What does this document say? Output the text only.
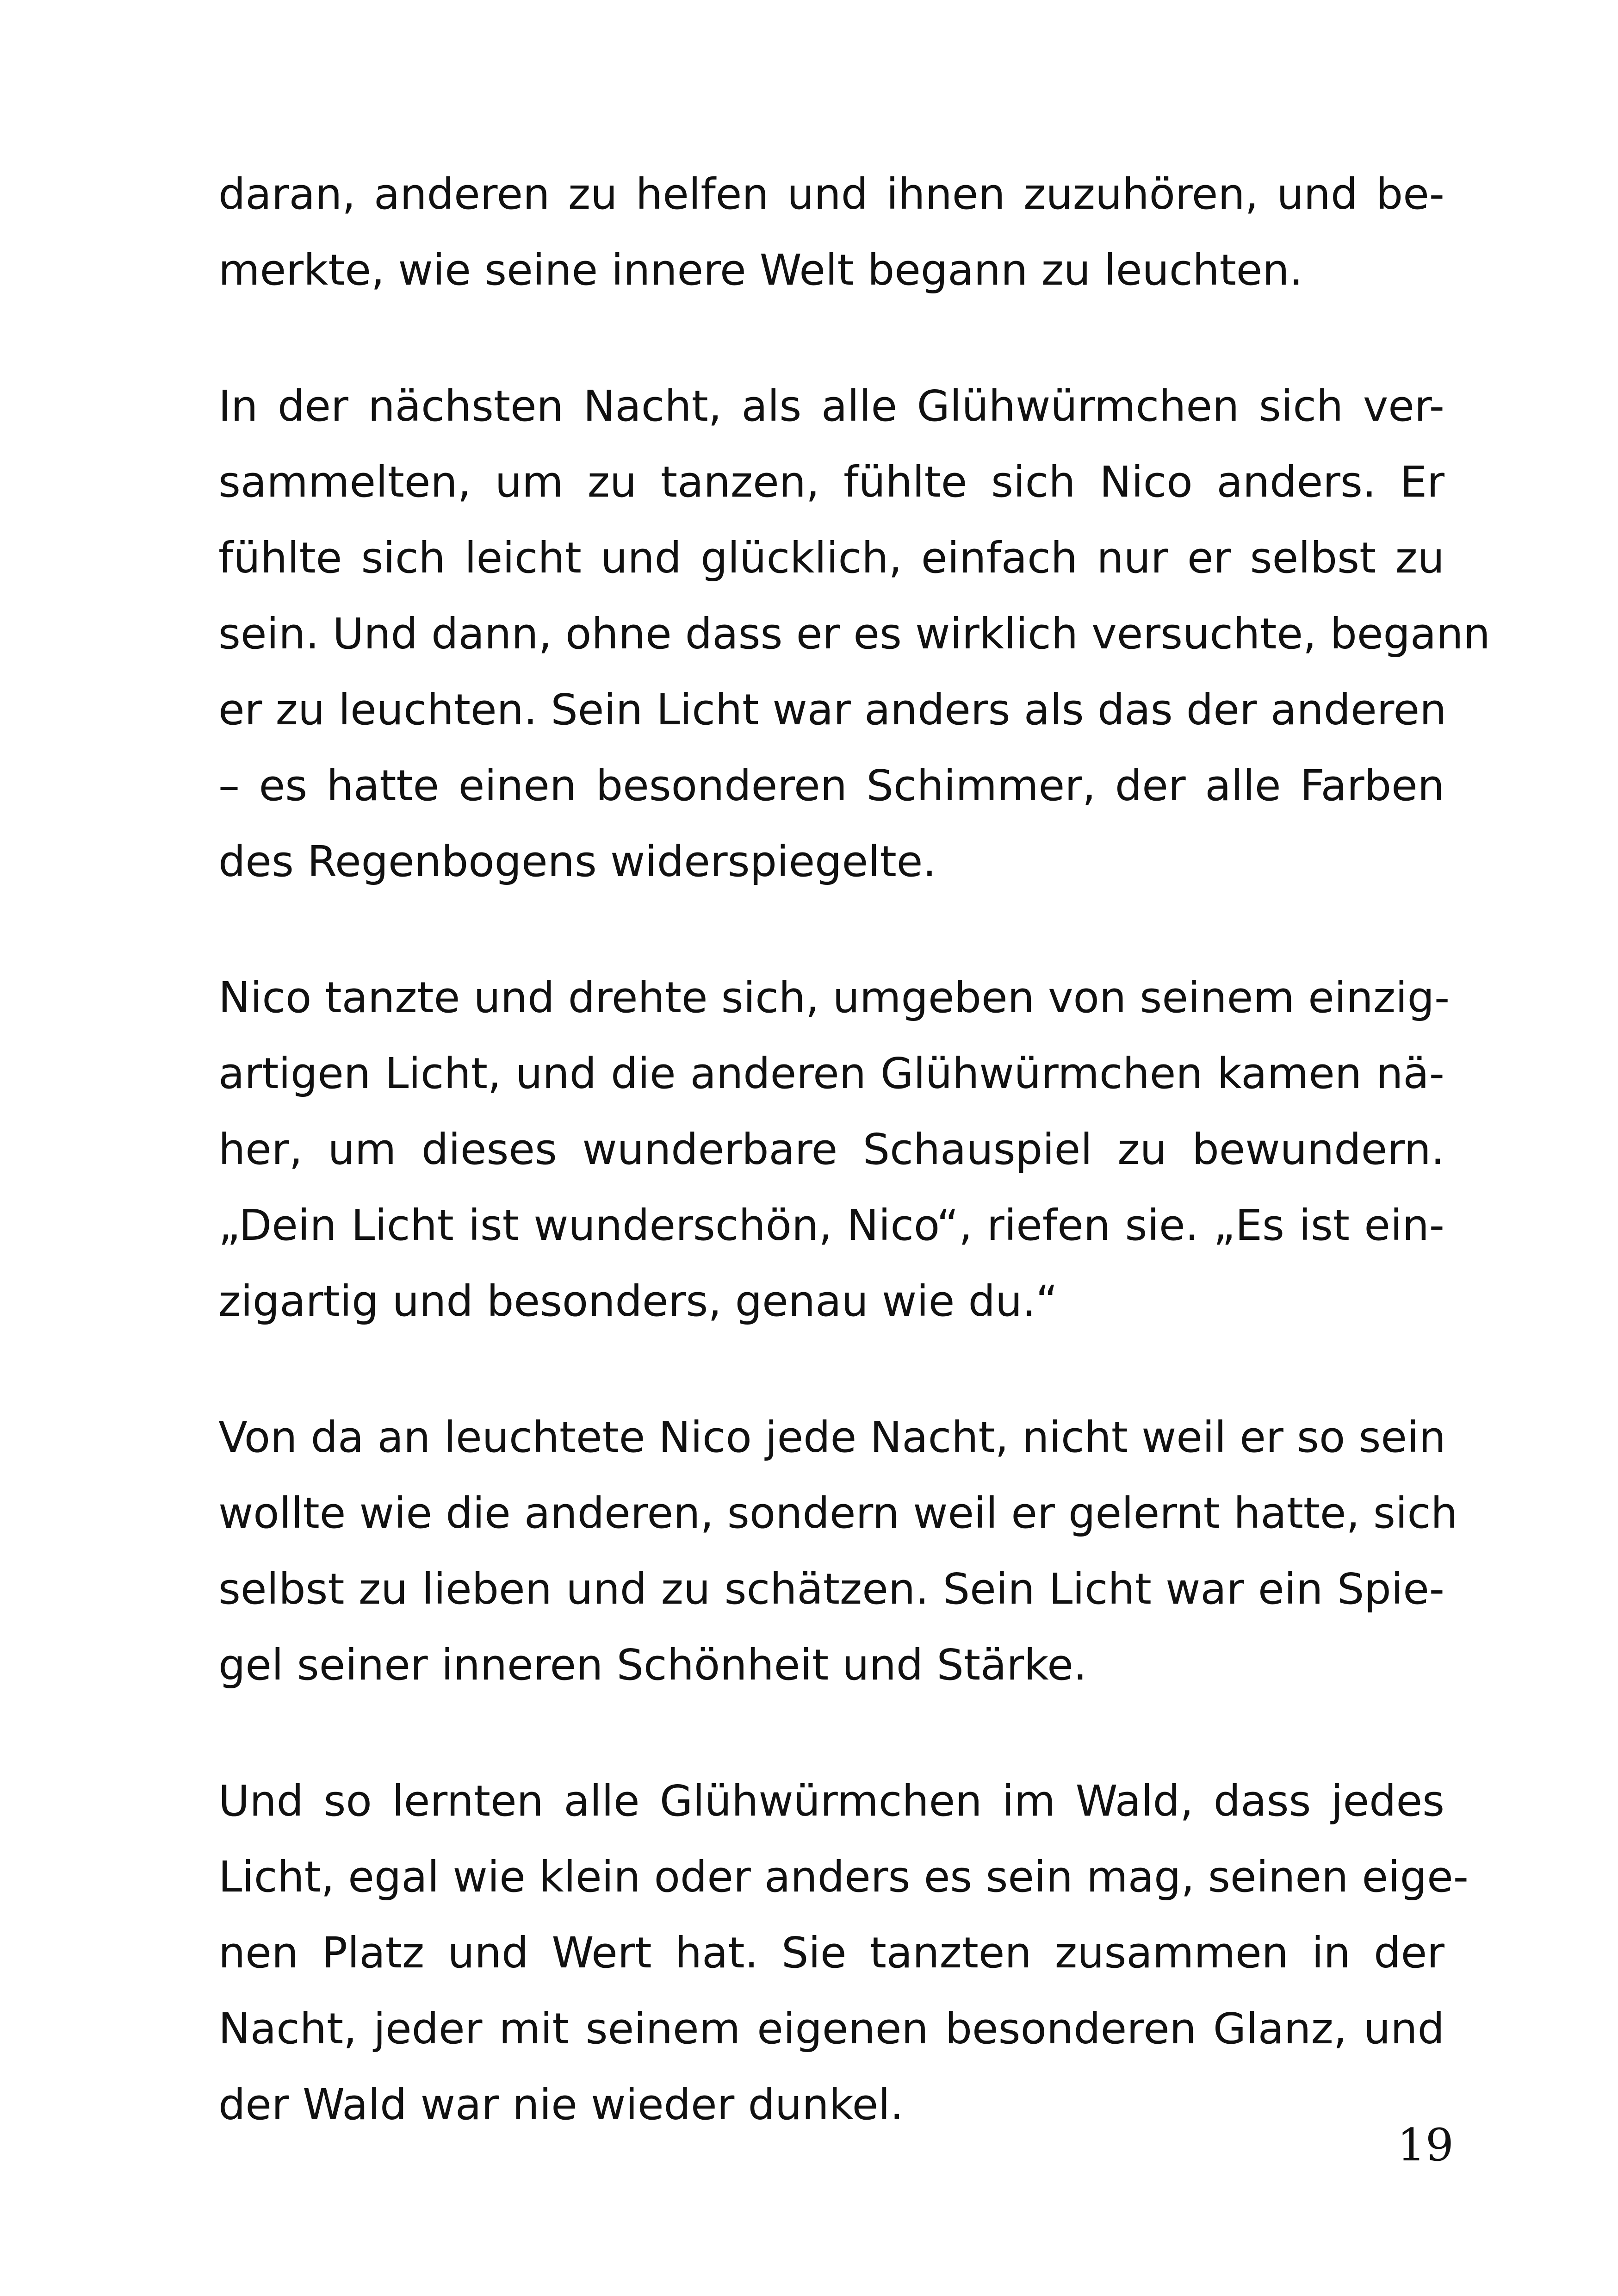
daran, anderen zu helfen und ihnen zuzuhören, und be-
merkte, wie seine innere Welt begann zu leuchten.
In der nächsten Nacht, als alle Glühwürmchen sich ver-
sammelten, um zu tanzen, fühlte sich Nico anders. Er
fühlte sich leicht und glücklich, einfach nur er selbst zu
sein. Und dann, ohne dass er es wirklich versuchte, begann
er zu leuchten. Sein Licht war anders als das der anderen
– es hatte einen besonderen Schimmer, der alle Farben
des Regenbogens widerspiegelte.
Nico tanzte und drehte sich, umgeben von seinem einzig-
artigen Licht, und die anderen Glühwürmchen kamen nä-
her, um dieses wunderbare Schauspiel zu bewundern.
„Dein Licht ist wunderschön, Nico“, riefen sie. „Es ist ein-
zigartig und besonders, genau wie du.“
Von da an leuchtete Nico jede Nacht, nicht weil er so sein
wollte wie die anderen, sondern weil er gelernt hatte, sich
selbst zu lieben und zu schätzen. Sein Licht war ein Spie-
gel seiner inneren Schönheit und Stärke.
Und so lernten alle Glühwürmchen im Wald, dass jedes
Licht, egal wie klein oder anders es sein mag, seinen eige-
nen Platz und Wert hat. Sie tanzten zusammen in der
Nacht, jeder mit seinem eigenen besonderen Glanz, und
der Wald war nie wieder dunkel.
19
